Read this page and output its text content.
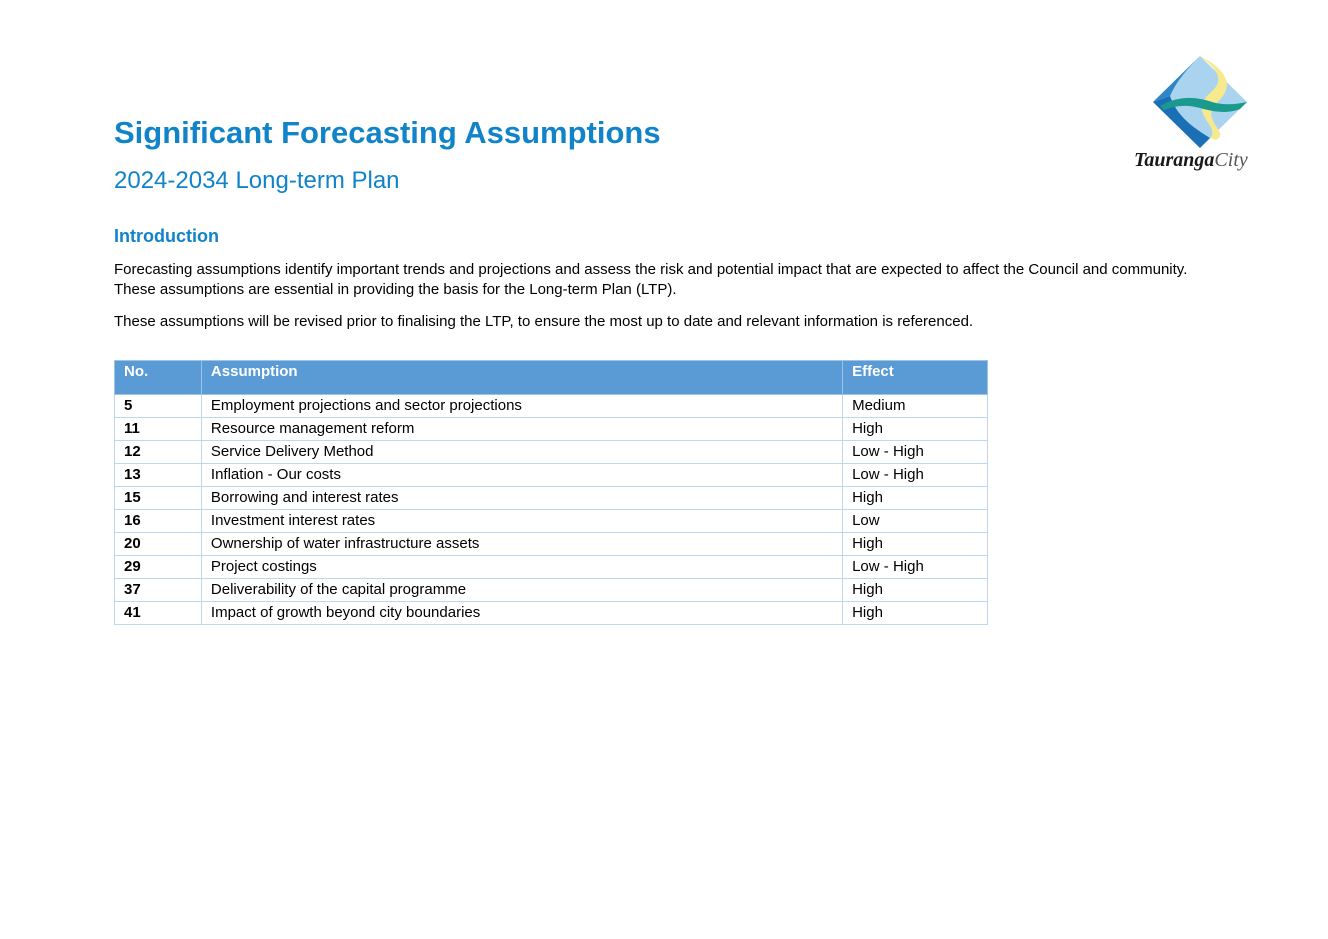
Significant Forecasting Assumptions
2024-2034 Long-term Plan
TaurangaCity
Introduction

Forecasting assumptions identify important trends and projections and assess the risk and potential impact that are expected to affect the Council and community. These assumptions are essential in providing the basis for the Long-term Plan (LTP).

These assumptions will be revised prior to finalising the LTP, to ensure the most up to date and relevant information is referenced.

No.	Assumption	Effect
5	Employment projections and sector projections	Medium
11	Resource management reform	High
12	Service Delivery Method	Low - High
13	Inflation - Our costs	Low - High
15	Borrowing and interest rates	High
16	Investment interest rates	Low
20	Ownership of water infrastructure assets	High
29	Project costings	Low - High
37	Deliverability of the capital programme	High
41	Impact of growth beyond city boundaries	High
